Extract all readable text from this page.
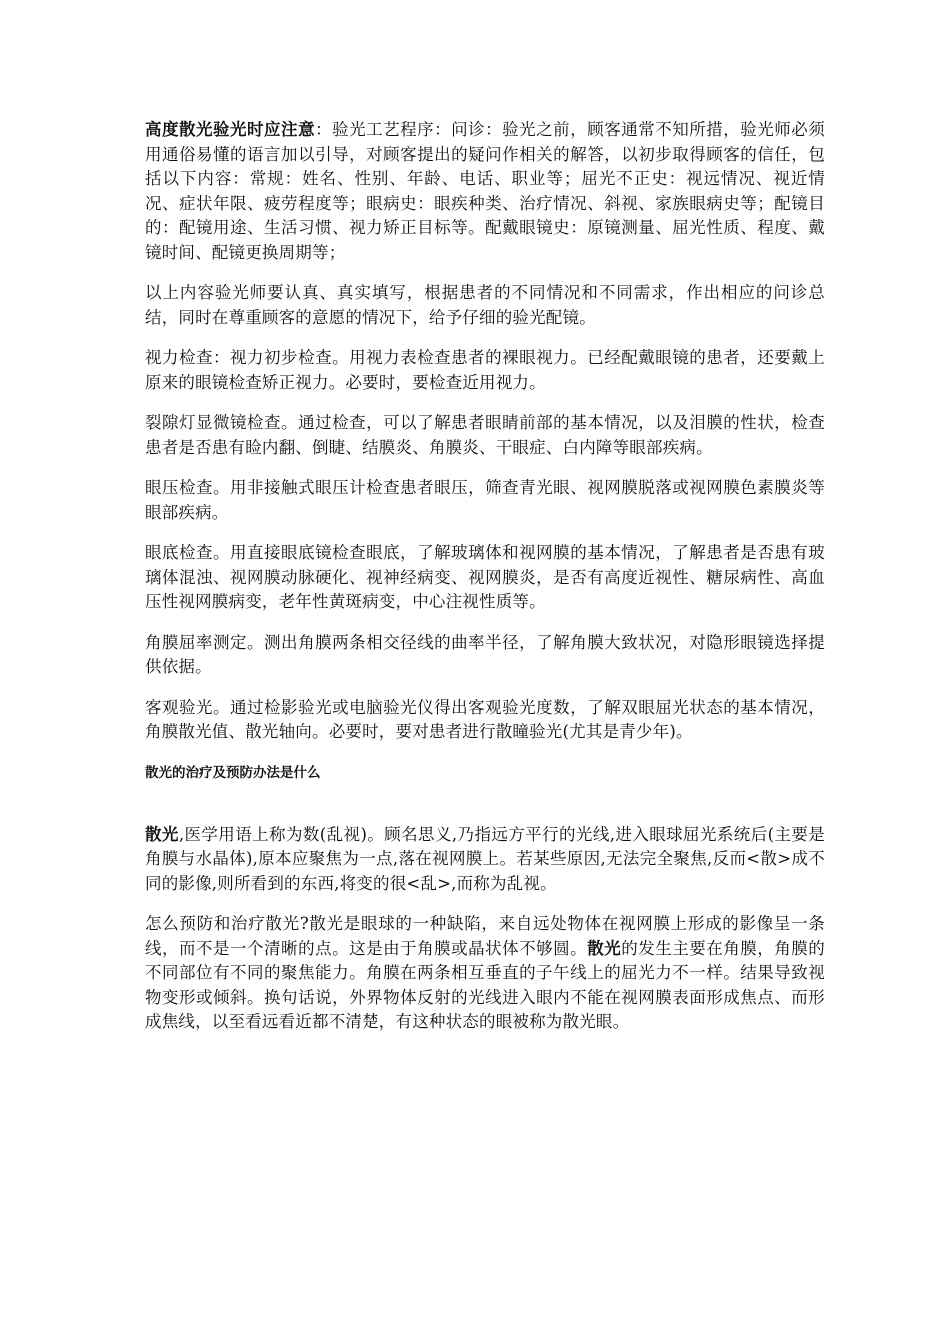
高度散光验光时应注意：验光工艺程序：问诊：验光之前，顾客通常不知所措，验光师必须用通俗易懂的语言加以引导，对顾客提出的疑问作相关的解答，以初步取得顾客的信任，包括以下内容：常规：姓名、性别、年龄、电话、职业等；屈光不正史：视远情况、视近情况、症状年限、疲劳程度等；眼病史：眼疾种类、治疗情况、斜视、家族眼病史等；配镜目的：配镜用途、生活习惯、视力矫正目标等。配戴眼镜史：原镜测量、屈光性质、程度、戴镜时间、配镜更换周期等；

以上内容验光师要认真、真实填写，根据患者的不同情况和不同需求，作出相应的问诊总结，同时在尊重顾客的意愿的情况下，给予仔细的验光配镜。

视力检查：视力初步检查。用视力表检查患者的裸眼视力。已经配戴眼镜的患者，还要戴上原来的眼镜检查矫正视力。必要时，要检查近用视力。

裂隙灯显微镜检查。通过检查，可以了解患者眼睛前部的基本情况，以及泪膜的性状，检查患者是否患有睑内翻、倒睫、结膜炎、角膜炎、干眼症、白内障等眼部疾病。

眼压检查。用非接触式眼压计检查患者眼压，筛查青光眼、视网膜脱落或视网膜色素膜炎等眼部疾病。

眼底检查。用直接眼底镜检查眼底，了解玻璃体和视网膜的基本情况，了解患者是否患有玻璃体混浊、视网膜动脉硬化、视神经病变、视网膜炎，是否有高度近视性、糖尿病性、高血压性视网膜病变，老年性黄斑病变，中心注视性质等。

角膜屈率测定。测出角膜两条相交径线的曲率半径，了解角膜大致状况，对隐形眼镜选择提供依据。

客观验光。通过检影验光或电脑验光仪得出客观验光度数，了解双眼屈光状态的基本情况，角膜散光值、散光轴向。必要时，要对患者进行散瞳验光(尤其是青少年)。

散光的治疗及预防办法是什么

散光,医学用语上称为数(乱视)。顾名思义,乃指远方平行的光线,进入眼球屈光系统后(主要是角膜与水晶体),原本应聚焦为一点,落在视网膜上。若某些原因,无法完全聚焦,反而<散>成不同的影像,则所看到的东西,将变的很<乱>,而称为乱视。

怎么预防和治疗散光?散光是眼球的一种缺陷，来自远处物体在视网膜上形成的影像呈一条线，而不是一个清晰的点。这是由于角膜或晶状体不够圆。散光的发生主要在角膜，角膜的不同部位有不同的聚焦能力。角膜在两条相互垂直的子午线上的屈光力不一样。结果导致视物变形或倾斜。换句话说，外界物体反射的光线进入眼内不能在视网膜表面形成焦点、而形成焦线，以至看远看近都不清楚，有这种状态的眼被称为散光眼。
